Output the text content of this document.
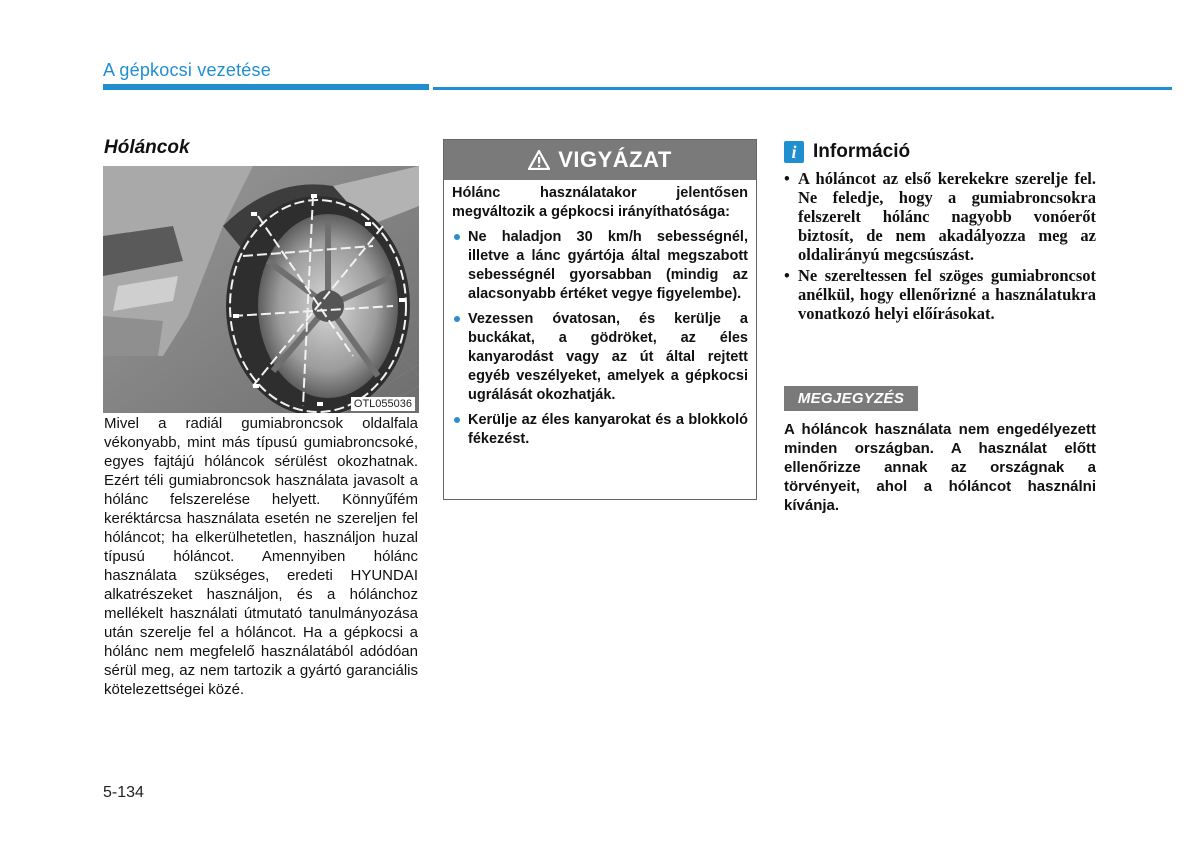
A gépkocsi vezetése
Hóláncok
OTL055036
Mivel a radiál gumiabroncsok oldalfala vékonyabb, mint más típusú gumiabroncsoké, egyes fajtájú hóláncok sérülést okozhatnak. Ezért téli gumiabroncsok használata javasolt a hólánc felszerelése helyett. Könnyűfém keréktárcsa használata esetén ne szereljen fel hóláncot; ha elkerülhetetlen, használjon huzal típusú hóláncot. Amennyiben hólánc használata szükséges, eredeti HYUNDAI alkatrészeket használjon, és a hólánchoz mellékelt használati útmutató tanulmányozása után szerelje fel a hóláncot. Ha a gépkocsi a hólánc nem megfelelő használatából adódóan sérül meg, az nem tartozik a gyártó garanciális kötelezettségei közé.
VIGYÁZAT
Hólánc használatakor jelentősen megváltozik a gépkocsi irányíthatósága:
Ne haladjon 30 km/h sebességnél, illetve a lánc gyártója által megszabott sebességnél gyorsabban (mindig az alacsonyabb értéket vegye figyelembe).
Vezessen óvatosan, és kerülje a buckákat, a gödröket, az éles kanyarodást vagy az út által rejtett egyéb veszélyeket, amelyek a gépkocsi ugrálását okozhatják.
Kerülje az éles kanyarokat és a blokkoló fékezést.
i Információ
• A hóláncot az első kerekekre szerelje fel. Ne feledje, hogy a gumiabroncsokra felszerelt hólánc nagyobb vonóerőt biztosít, de nem akadályozza meg az oldalirányú megcsúszást.
• Ne szereltessen fel szöges gumiabroncsot anélkül, hogy ellenőrizné a használatukra vonatkozó helyi előírásokat.
MEGJEGYZÉS
A hóláncok használata nem engedélyezett minden országban. A használat előtt ellenőrizze annak az országnak a törvényeit, ahol a hóláncot használni kívánja.
5-134
